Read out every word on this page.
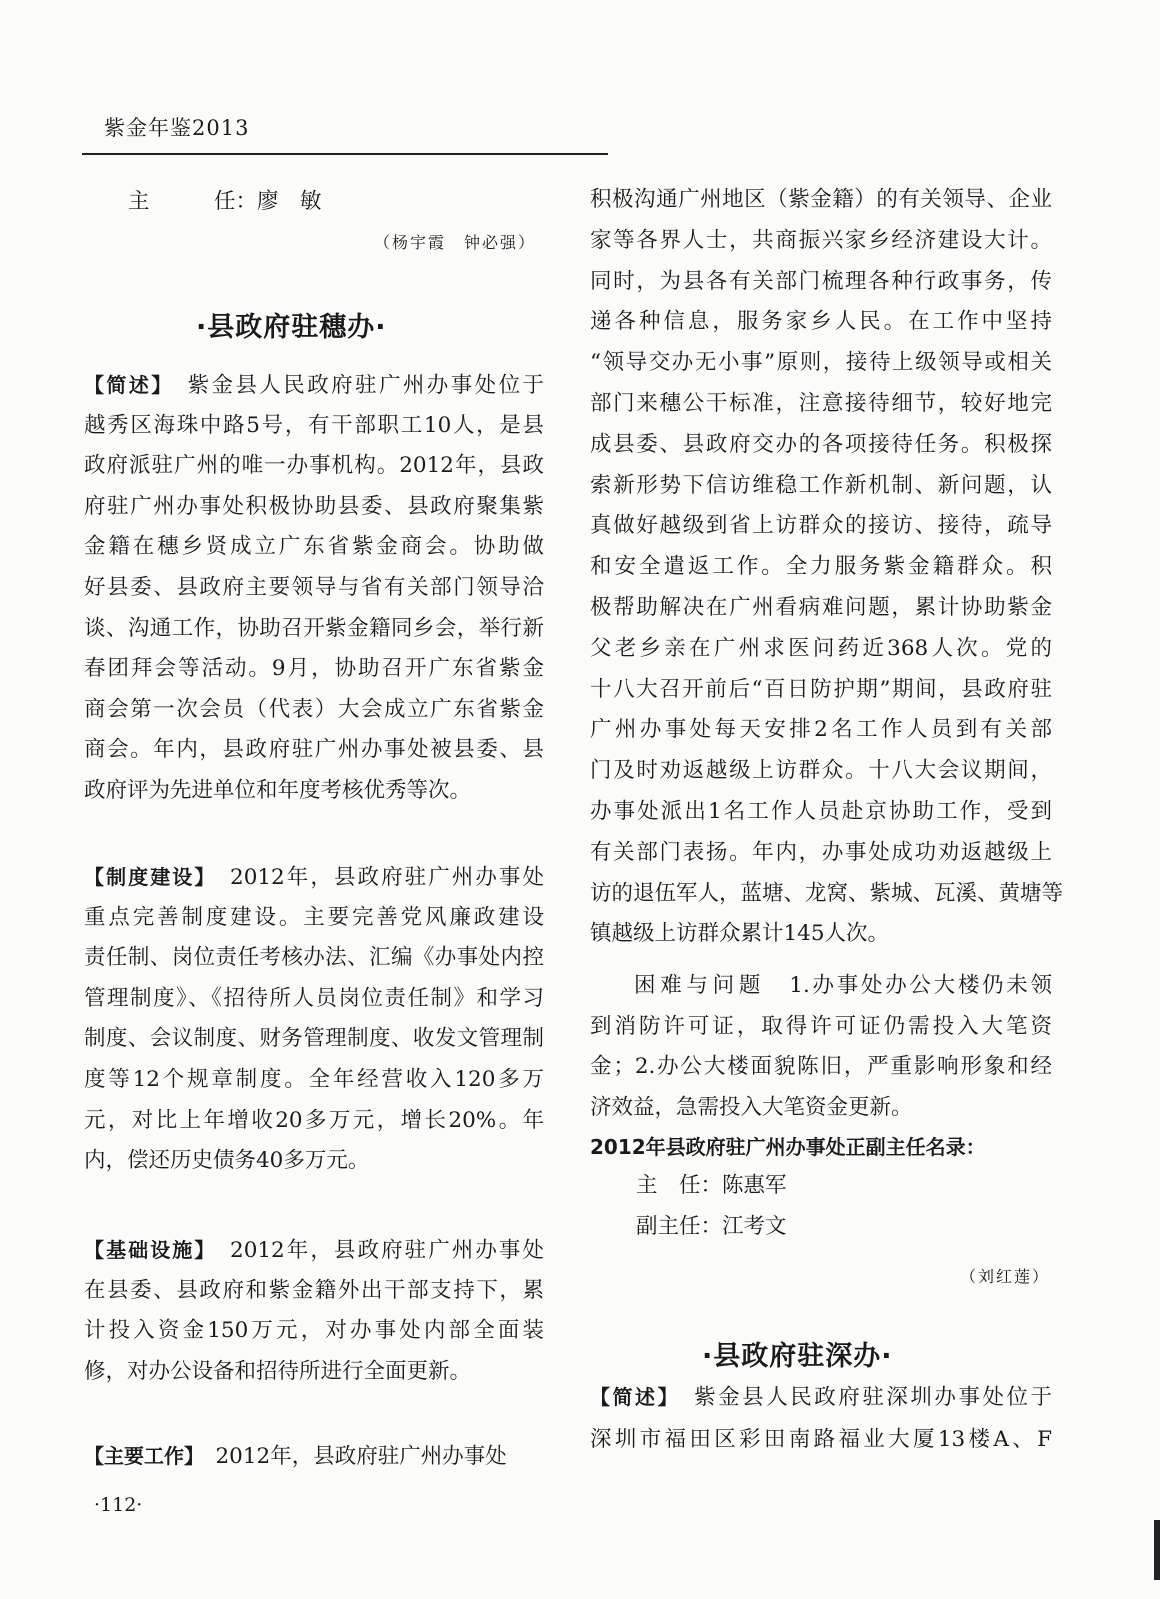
紫金年鉴2013
主　　　任：廖　敏
（杨宇霞　钟必强）
·县政府驻穗办·
【简述】　紫金县人民政府驻广州办事处位于
越秀区海珠中路5号，有干部职工10人，是县
政府派驻广州的唯一办事机构。2012年，县政
府驻广州办事处积极协助县委、县政府聚集紫
金籍在穗乡贤成立广东省紫金商会。协助做
好县委、县政府主要领导与省有关部门领导洽
谈、沟通工作，协助召开紫金籍同乡会，举行新
春团拜会等活动。9月，协助召开广东省紫金
商会第一次会员（代表）大会成立广东省紫金
商会。年内，县政府驻广州办事处被县委、县
政府评为先进单位和年度考核优秀等次。
【制度建设】　2012年，县政府驻广州办事处
重点完善制度建设。主要完善党风廉政建设
责任制、岗位责任考核办法、汇编《办事处内控
管理制度》、《招待所人员岗位责任制》和学习
制度、会议制度、财务管理制度、收发文管理制
度等12个规章制度。全年经营收入120多万
元，对比上年增收20多万元，增长20%。年
内，偿还历史债务40多万元。
【基础设施】　2012年，县政府驻广州办事处
在县委、县政府和紫金籍外出干部支持下，累
计投入资金150万元，对办事处内部全面装
修，对办公设备和招待所进行全面更新。
【主要工作】　2012年，县政府驻广州办事处
积极沟通广州地区（紫金籍）的有关领导、企业
家等各界人士，共商振兴家乡经济建设大计。
同时，为县各有关部门梳理各种行政事务，传
递各种信息，服务家乡人民。在工作中坚持
“领导交办无小事”原则，接待上级领导或相关
部门来穗公干标准，注意接待细节，较好地完
成县委、县政府交办的各项接待任务。积极探
索新形势下信访维稳工作新机制、新问题，认
真做好越级到省上访群众的接访、接待，疏导
和安全遣返工作。全力服务紫金籍群众。积
极帮助解决在广州看病难问题，累计协助紫金
父老乡亲在广州求医问药近368人次。党的
十八大召开前后“百日防护期”期间，县政府驻
广州办事处每天安排2名工作人员到有关部
门及时劝返越级上访群众。十八大会议期间，
办事处派出1名工作人员赴京协助工作，受到
有关部门表扬。年内，办事处成功劝返越级上
访的退伍军人，蓝塘、龙窝、紫城、瓦溪、黄塘等
镇越级上访群众累计145人次。
困难与问题　1.办事处办公大楼仍未领
到消防许可证，取得许可证仍需投入大笔资
金；2.办公大楼面貌陈旧，严重影响形象和经
济效益，急需投入大笔资金更新。
2012年县政府驻广州办事处正副主任名录：
主　任：陈惠军
副主任：江考文
（刘红莲）
·县政府驻深办·
【简述】　紫金县人民政府驻深圳办事处位于
深圳市福田区彩田南路福业大厦13楼A、F
·112·
